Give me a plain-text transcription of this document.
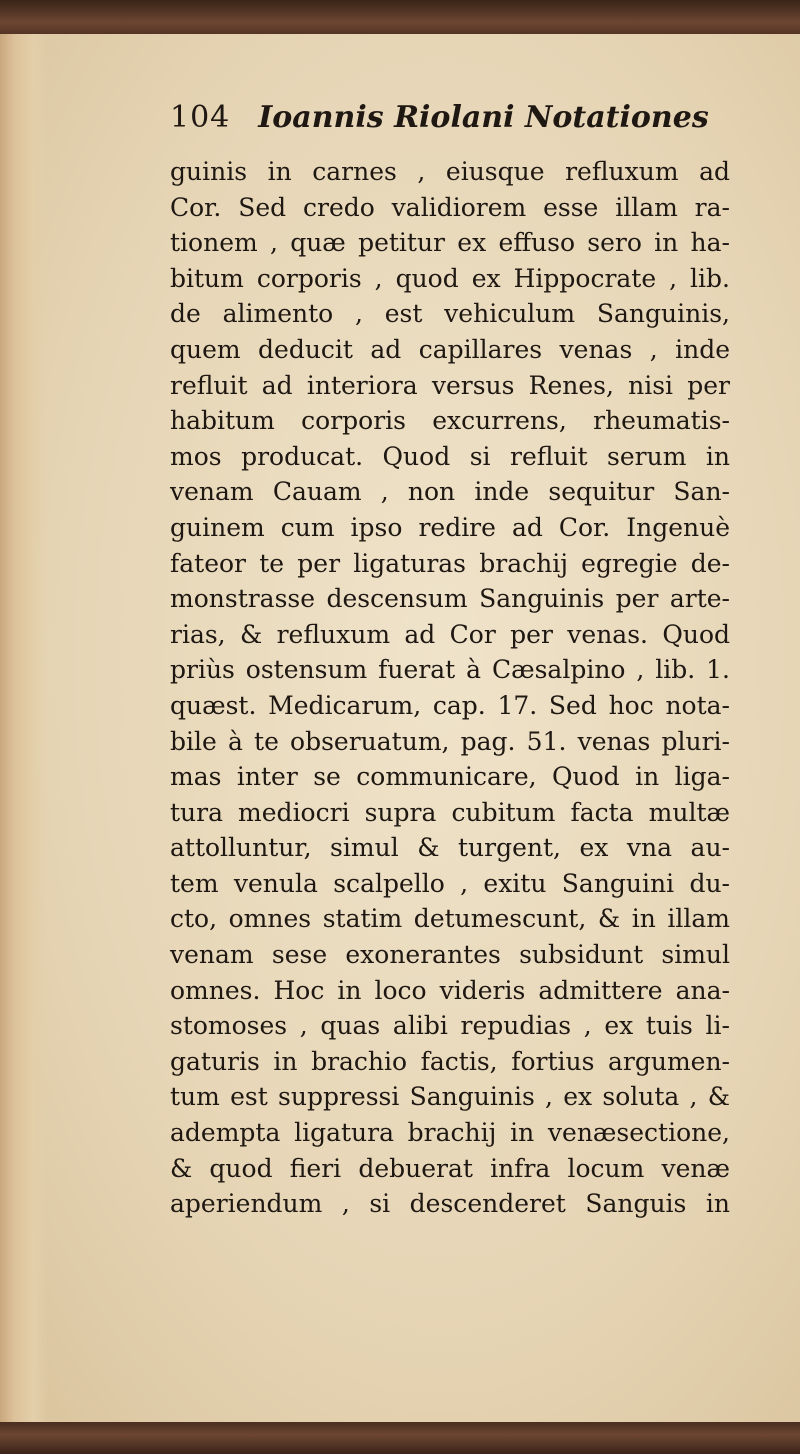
104 Ioannis Riolani Notationes
guinis in carnes , eiusque refluxum ad
Cor. Sed credo validiorem esse illam ra-
tionem , quæ petitur ex effuso sero in ha-
bitum corporis , quod ex Hippocrate , lib.
de alimento , est vehiculum Sanguinis,
quem deducit ad capillares venas , inde
refluit ad interiora versus Renes, nisi per
habitum corporis excurrens, rheumatis-
mos producat. Quod si refluit serum in
venam Cauam , non inde sequitur San-
guinem cum ipso redire ad Cor. Ingenuè
fateor te per ligaturas brachij egregie de-
monstrasse descensum Sanguinis per arte-
rias, & refluxum ad Cor per venas. Quod
priùs ostensum fuerat à Cæsalpino , lib. 1.
quæst. Medicarum, cap. 17. Sed hoc nota-
bile à te obseruatum, pag. 51. venas pluri-
mas inter se communicare, Quod in liga-
tura mediocri supra cubitum facta multæ
attolluntur, simul & turgent, ex vna au-
tem venula scalpello , exitu Sanguini du-
cto, omnes statim detumescunt, & in illam
venam sese exonerantes subsidunt simul
omnes. Hoc in loco videris admittere ana-
stomoses , quas alibi repudias , ex tuis li-
gaturis in brachio factis, fortius argumen-
tum est suppressi Sanguinis , ex soluta , &
adempta ligatura brachij in venæsectione,
& quod fieri debuerat infra locum venæ
aperiendum , si descenderet Sanguis in
